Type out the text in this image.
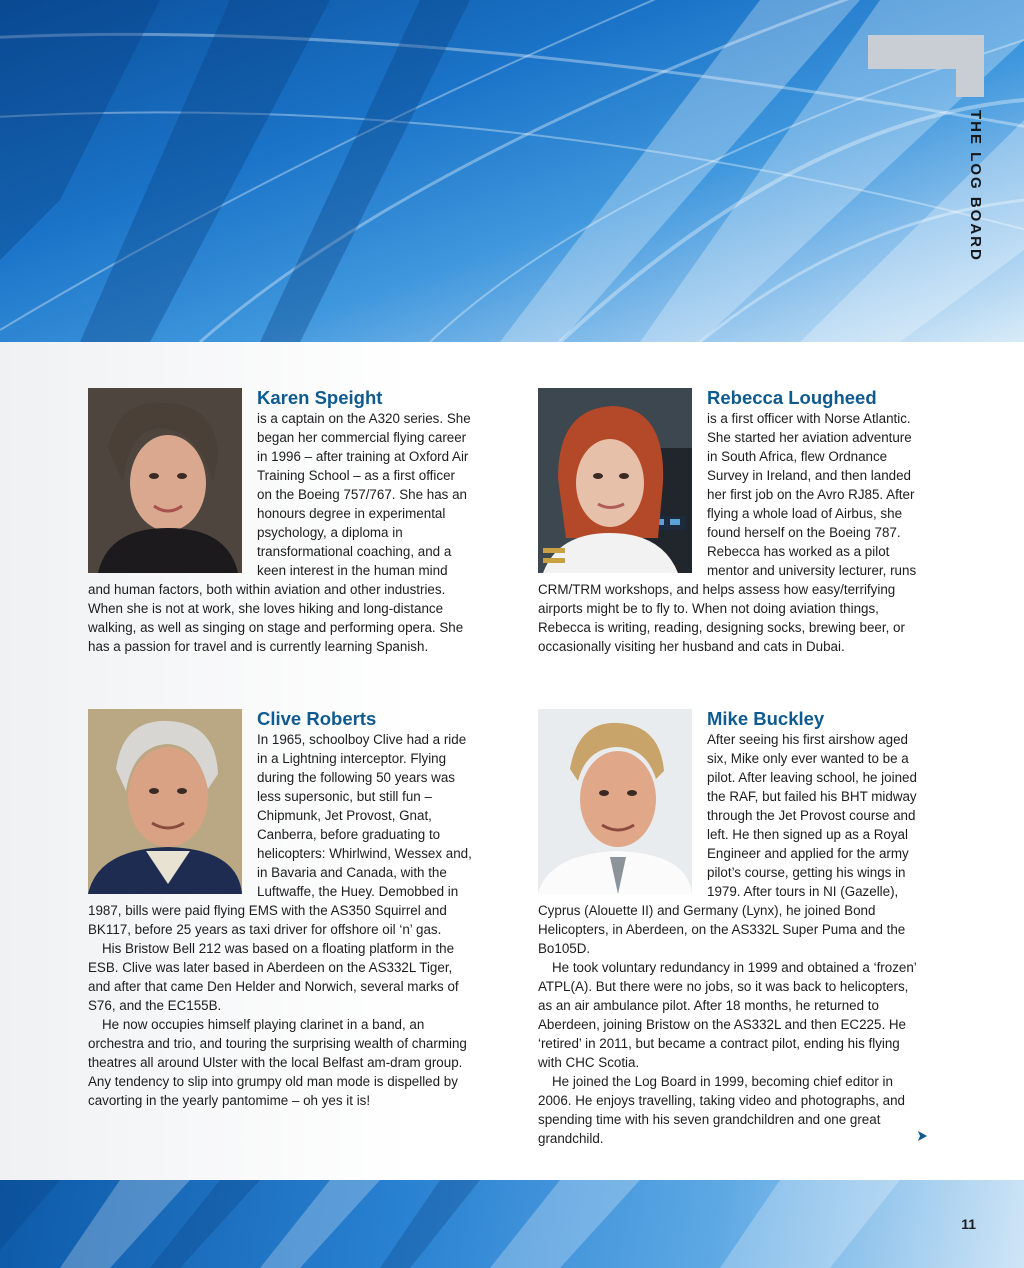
THE LOG BOARD
Karen Speight

is a captain on the A320 series. She began her commercial flying career in 1996 – after training at Oxford Air Training School – as a first officer on the Boeing 757/767. She has an honours degree in experimental psychology, a diploma in transformational coaching, and a keen interest in the human mind and human factors, both within aviation and other industries. When she is not at work, she loves hiking and long-distance walking, as well as singing on stage and performing opera. She has a passion for travel and is currently learning Spanish.

Rebecca Lougheed

is a first officer with Norse Atlantic. She started her aviation adventure in South Africa, flew Ordnance Survey in Ireland, and then landed her first job on the Avro RJ85. After flying a whole load of Airbus, she found herself on the Boeing 787. Rebecca has worked as a pilot mentor and university lecturer, runs CRM/TRM workshops, and helps assess how easy/terrifying airports might be to fly to. When not doing aviation things, Rebecca is writing, reading, designing socks, brewing beer, or occasionally visiting her husband and cats in Dubai.

Clive Roberts

In 1965, schoolboy Clive had a ride in a Lightning interceptor. Flying during the following 50 years was less supersonic, but still fun – Chipmunk, Jet Provost, Gnat, Canberra, before graduating to helicopters: Whirlwind, Wessex and, in Bavaria and Canada, with the Luftwaffe, the Huey. Demobbed in 1987, bills were paid flying EMS with the AS350 Squirrel and BK117, before 25 years as taxi driver for offshore oil ‘n’ gas.

His Bristow Bell 212 was based on a floating platform in the ESB. Clive was later based in Aberdeen on the AS332L Tiger, and after that came Den Helder and Norwich, several marks of S76, and the EC155B.

He now occupies himself playing clarinet in a band, an orchestra and trio, and touring the surprising wealth of charming theatres all around Ulster with the local Belfast am-dram group. Any tendency to slip into grumpy old man mode is dispelled by cavorting in the yearly pantomime – oh yes it is!

Mike Buckley

After seeing his first airshow aged six, Mike only ever wanted to be a pilot. After leaving school, he joined the RAF, but failed his BHT midway through the Jet Provost course and left. He then signed up as a Royal Engineer and applied for the army pilot’s course, getting his wings in 1979. After tours in NI (Gazelle), Cyprus (Alouette II) and Germany (Lynx), he joined Bond Helicopters, in Aberdeen, on the AS332L Super Puma and the Bo105D.

He took voluntary redundancy in 1999 and obtained a ‘frozen’ ATPL(A). But there were no jobs, so it was back to helicopters, as an air ambulance pilot. After 18 months, he returned to Aberdeen, joining Bristow on the AS332L and then EC225. He ‘retired’ in 2011, but became a contract pilot, ending his flying with CHC Scotia.

He joined the Log Board in 1999, becoming chief editor in 2006. He enjoys travelling, taking video and photographs, and spending time with his seven grandchildren and one great grandchild.

11
